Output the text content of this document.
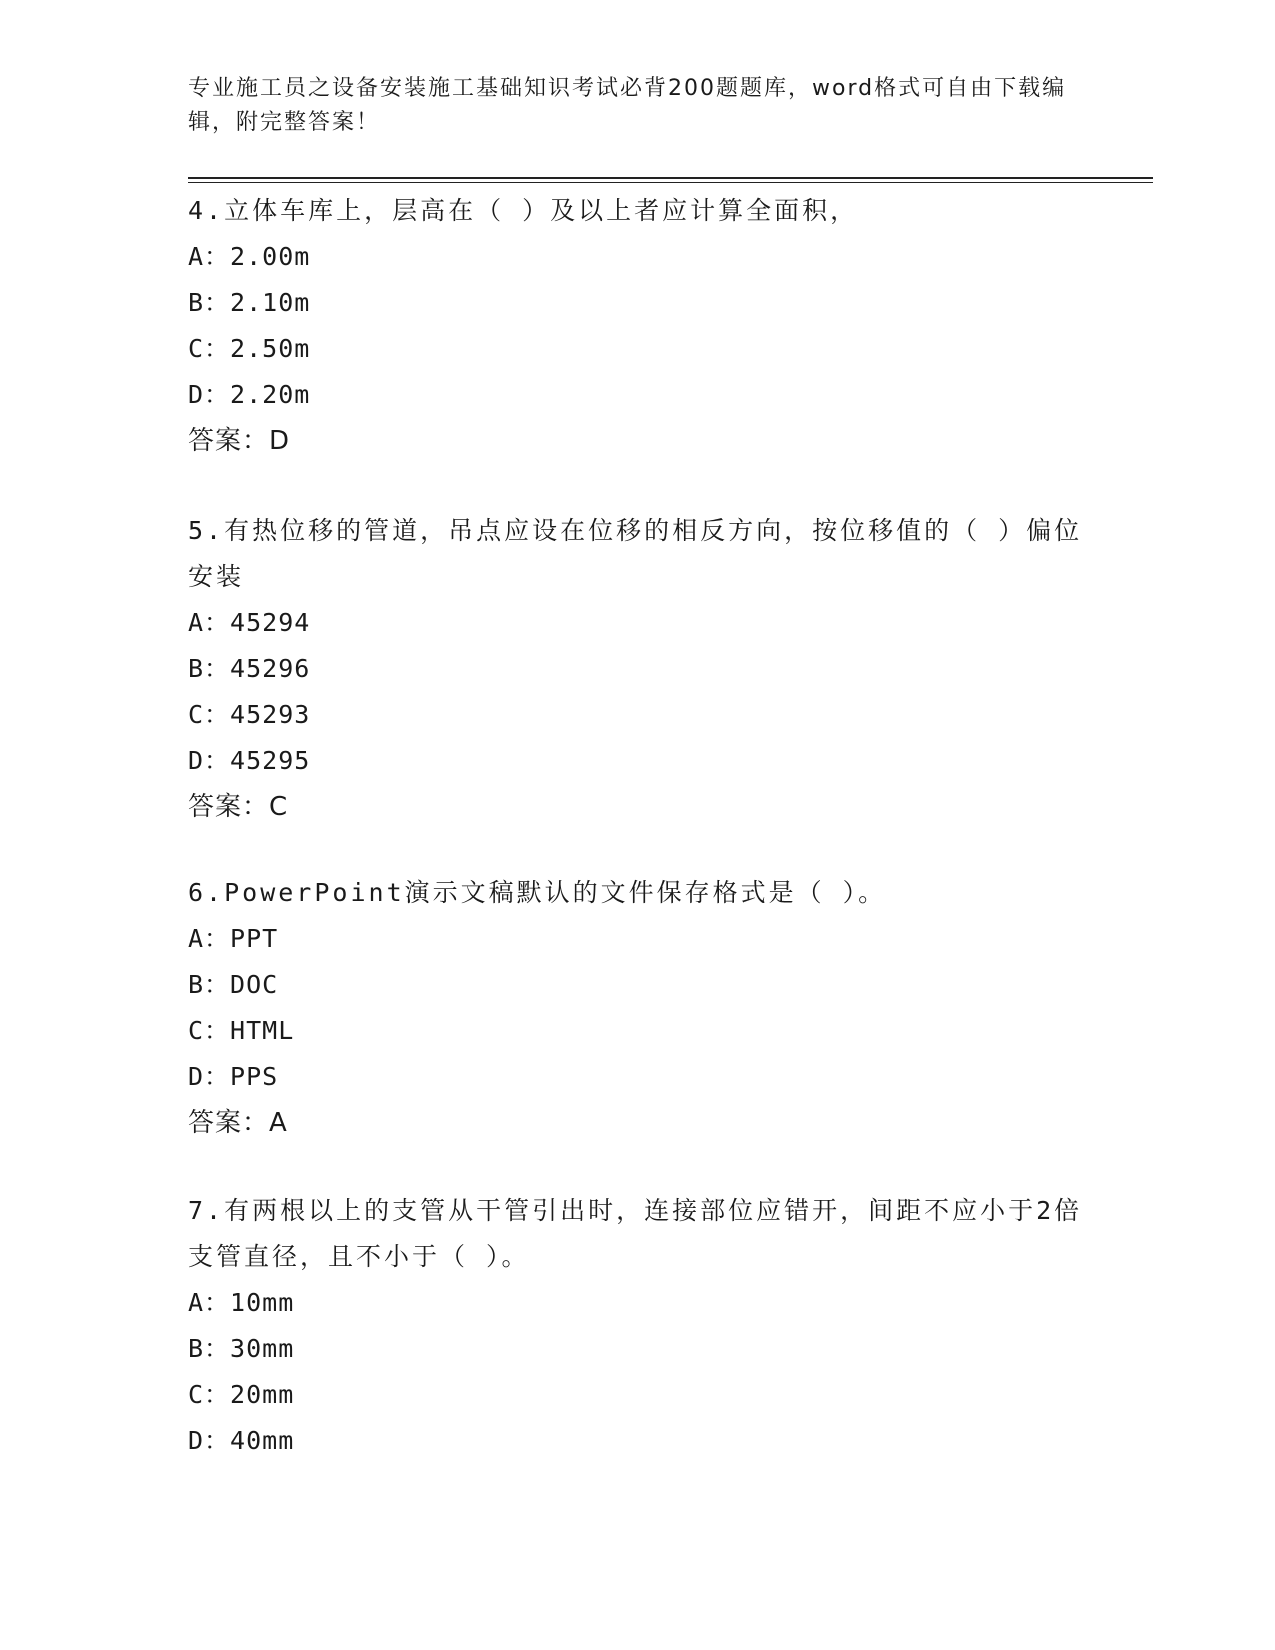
专业施工员之设备安装施工基础知识考试必背200题题库，word格式可自由下载编辑，附完整答案！
4.立体车库上，层高在（ ）及以上者应计算全面积，
A：2.00m
B：2.10m
C：2.50m
D：2.20m
答案：D
5.有热位移的管道，吊点应设在位移的相反方向，按位移值的（ ）偏位安装
A：45294
B：45296
C：45293
D：45295
答案：C
6.PowerPoint演示文稿默认的文件保存格式是（ ）。
A：PPT
B：DOC
C：HTML
D：PPS
答案：A
7.有两根以上的支管从干管引出时，连接部位应错开，间距不应小于2倍支管直径，且不小于（ ）。
A：10mm
B：30mm
C：20mm
D：40mm
